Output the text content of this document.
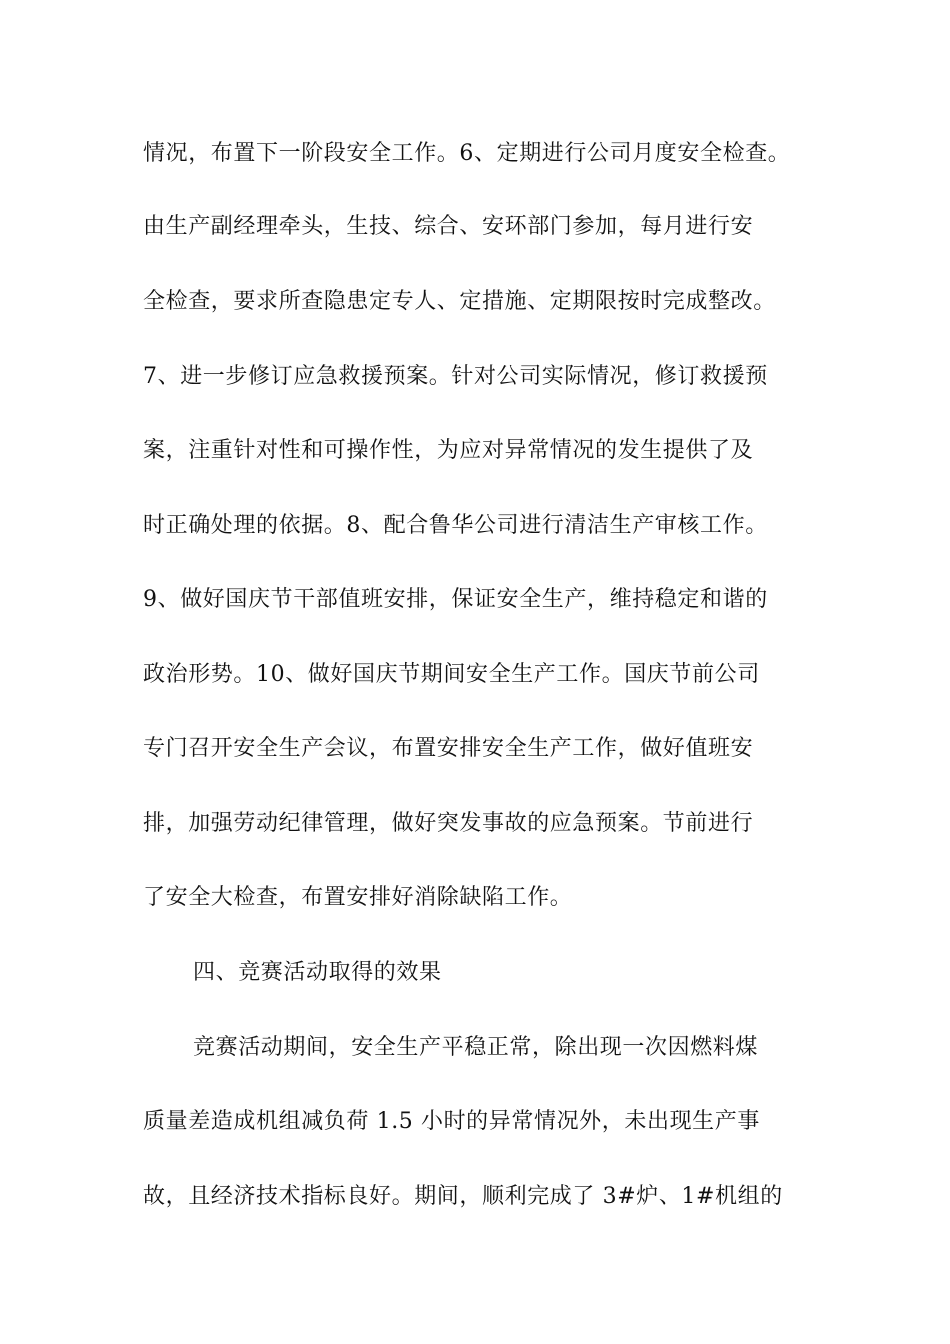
情况，布置下一阶段安全工作。6、定期进行公司月度安全检查。
由生产副经理牵头，生技、综合、安环部门参加，每月进行安
全检查，要求所查隐患定专人、定措施、定期限按时完成整改。
7、进一步修订应急救援预案。针对公司实际情况，修订救援预
案，注重针对性和可操作性，为应对异常情况的发生提供了及
时正确处理的依据。8、配合鲁华公司进行清洁生产审核工作。
9、做好国庆节干部值班安排，保证安全生产，维持稳定和谐的
政治形势。10、做好国庆节期间安全生产工作。国庆节前公司
专门召开安全生产会议，布置安排安全生产工作，做好值班安
排，加强劳动纪律管理，做好突发事故的应急预案。节前进行
了安全大检查，布置安排好消除缺陷工作。
四、竞赛活动取得的效果
竞赛活动期间，安全生产平稳正常，除出现一次因燃料煤
质量差造成机组减负荷 1.5 小时的异常情况外，未出现生产事
故，且经济技术指标良好。期间，顺利完成了 3#炉、1#机组的
